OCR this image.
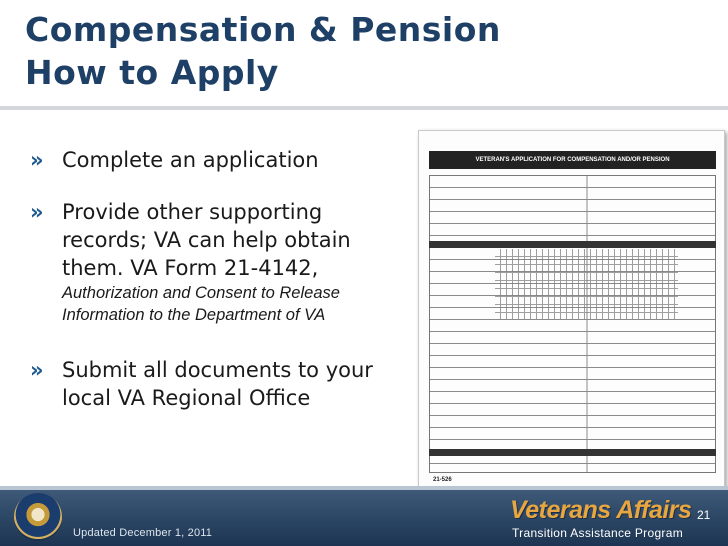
Compensation & Pension
How to Apply
» Complete an application
» Provide other supporting
records; VA can help obtain
them. VA Form 21-4142,
Authorization and Consent to Release
Information to the Department of VA
» Submit all documents to your
local VA Regional Office
VETERAN'S APPLICATION FOR COMPENSATION AND/OR PENSION
21-526
Updated December 1, 2011
Veterans Affairs
Transition Assistance Program
21
